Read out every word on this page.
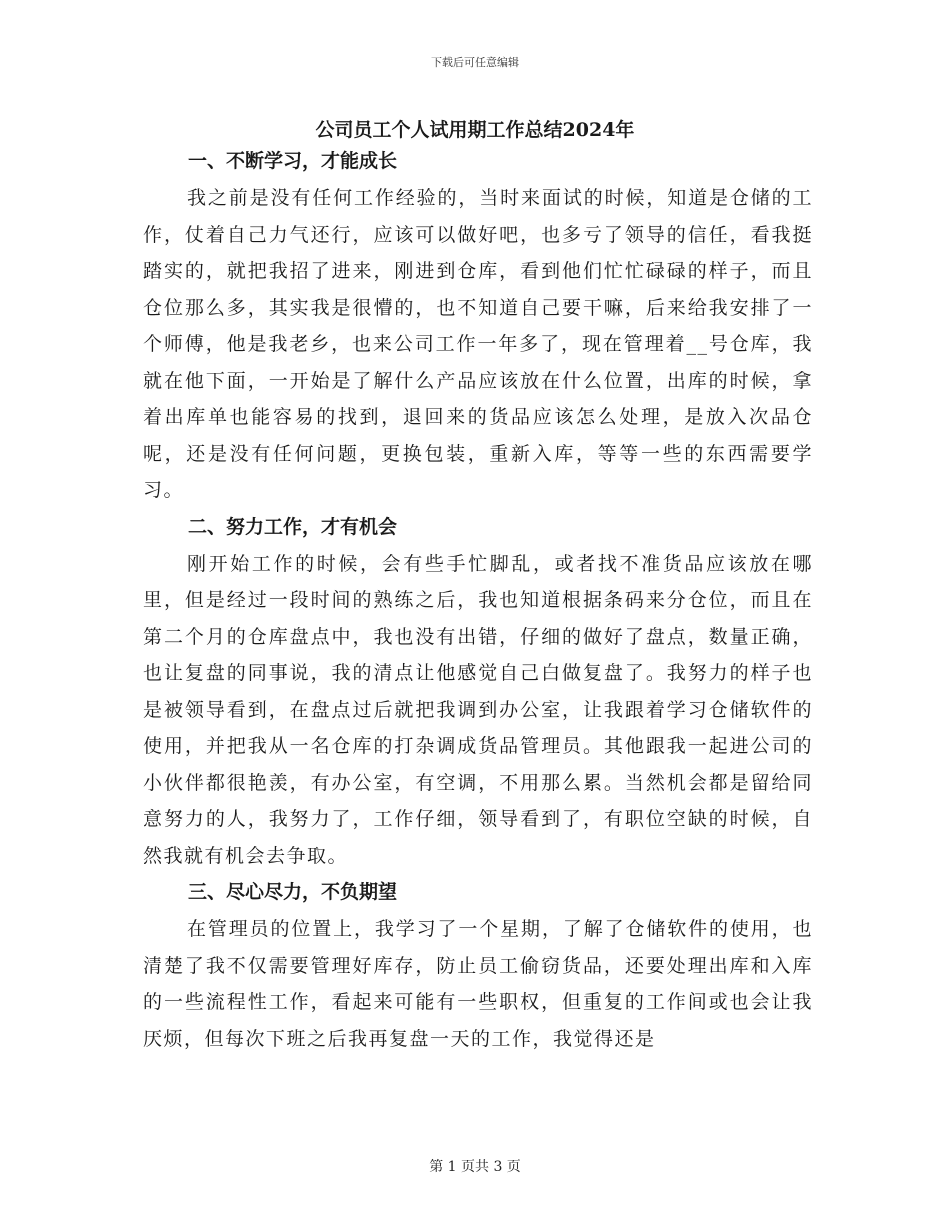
下载后可任意编辑
公司员工个人试用期工作总结2024年
一、不断学习，才能成长

我之前是没有任何工作经验的，当时来面试的时候，知道是仓储的工作，仗着自己力气还行，应该可以做好吧，也多亏了领导的信任，看我挺踏实的，就把我招了进来，刚进到仓库，看到他们忙忙碌碌的样子，而且仓位那么多，其实我是很懵的，也不知道自己要干嘛，后来给我安排了一个师傅，他是我老乡，也来公司工作一年多了，现在管理着__号仓库，我就在他下面，一开始是了解什么产品应该放在什么位置，出库的时候，拿着出库单也能容易的找到，退回来的货品应该怎么处理，是放入次品仓呢，还是没有任何问题，更换包装，重新入库，等等一些的东西需要学习。

二、努力工作，才有机会

刚开始工作的时候，会有些手忙脚乱，或者找不准货品应该放在哪里，但是经过一段时间的熟练之后，我也知道根据条码来分仓位，而且在第二个月的仓库盘点中，我也没有出错，仔细的做好了盘点，数量正确，也让复盘的同事说，我的清点让他感觉自己白做复盘了。我努力的样子也是被领导看到，在盘点过后就把我调到办公室，让我跟着学习仓储软件的使用，并把我从一名仓库的打杂调成货品管理员。其他跟我一起进公司的小伙伴都很艳羡，有办公室，有空调，不用那么累。当然机会都是留给同意努力的人，我努力了，工作仔细，领导看到了，有职位空缺的时候，自然我就有机会去争取。

三、尽心尽力，不负期望

在管理员的位置上，我学习了一个星期，了解了仓储软件的使用，也清楚了我不仅需要管理好库存，防止员工偷窃货品，还要处理出库和入库的一些流程性工作，看起来可能有一些职权，但重复的工作间或也会让我厌烦，但每次下班之后我再复盘一天的工作，我觉得还是

第 1 页共 3 页
